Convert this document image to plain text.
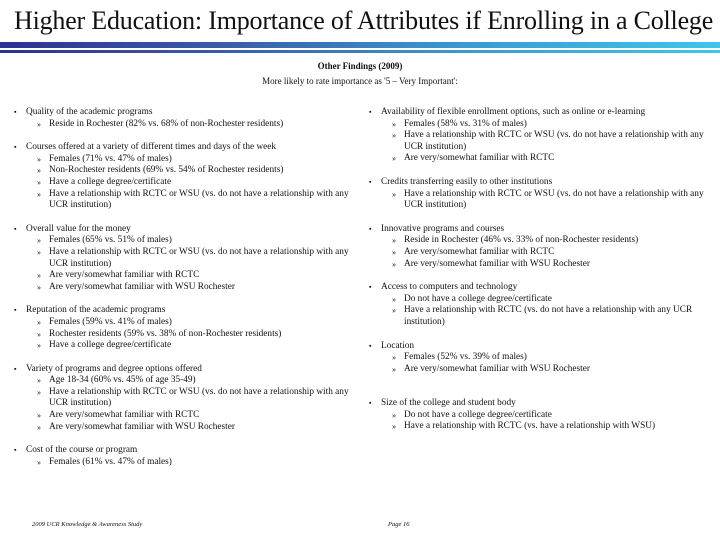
Higher Education: Importance of Attributes if Enrolling in a College
Other Findings (2009)
More likely to rate importance as '5 – Very Important':
▪	Quality of the academic programs
» Reside in Rochester (82% vs. 68% of non-Rochester residents)
▪	Courses offered at a variety of different times and days of the week
» Females (71% vs. 47% of males)
» Non-Rochester residents (69% vs. 54% of Rochester residents)
» Have a college degree/certificate
» Have a relationship with RCTC or WSU (vs. do not have a relationship with any UCR institution)
▪	Overall value for the money
» Females (65% vs. 51% of males)
» Have a relationship with RCTC or WSU (vs. do not have a relationship with any UCR institution)
» Are very/somewhat familiar with RCTC
» Are very/somewhat familiar with WSU Rochester
▪	Reputation of the academic programs
» Females (59% vs. 41% of males)
» Rochester residents (59% vs. 38% of non-Rochester residents)
» Have a college degree/certificate
▪	Variety of programs and degree options offered
» Age 18-34 (60% vs. 45% of age 35-49)
» Have a relationship with RCTC or WSU (vs. do not have a relationship with any UCR institution)
» Are very/somewhat familiar with RCTC
» Are very/somewhat familiar with WSU Rochester
▪	Cost of the course or program
» Females (61% vs. 47% of males)
▪	Availability of flexible enrollment options, such as online or e-learning
» Females (58% vs. 31% of males)
» Have a relationship with RCTC or WSU (vs. do not have a relationship with any UCR institution)
» Are very/somewhat familiar with RCTC
▪	Credits transferring easily to other institutions
» Have a relationship with RCTC or WSU (vs. do not have a relationship with any UCR institution)
▪	Innovative programs and courses
» Reside in Rochester (46% vs. 33% of non-Rochester residents)
» Are very/somewhat familiar with RCTC
» Are very/somewhat familiar with WSU Rochester
▪	Access to computers and technology
» Do not have a college degree/certificate
» Have a relationship with RCTC (vs. do not have a relationship with any UCR institution)
▪	Location
» Females (52% vs. 39% of males)
» Are very/somewhat familiar with WSU Rochester
▪	Size of the college and student body
» Do not have a college degree/certificate
» Have a relationship with RCTC (vs. have a relationship with WSU)
2009 UCR Knowledge & Awareness Study	Page 16
